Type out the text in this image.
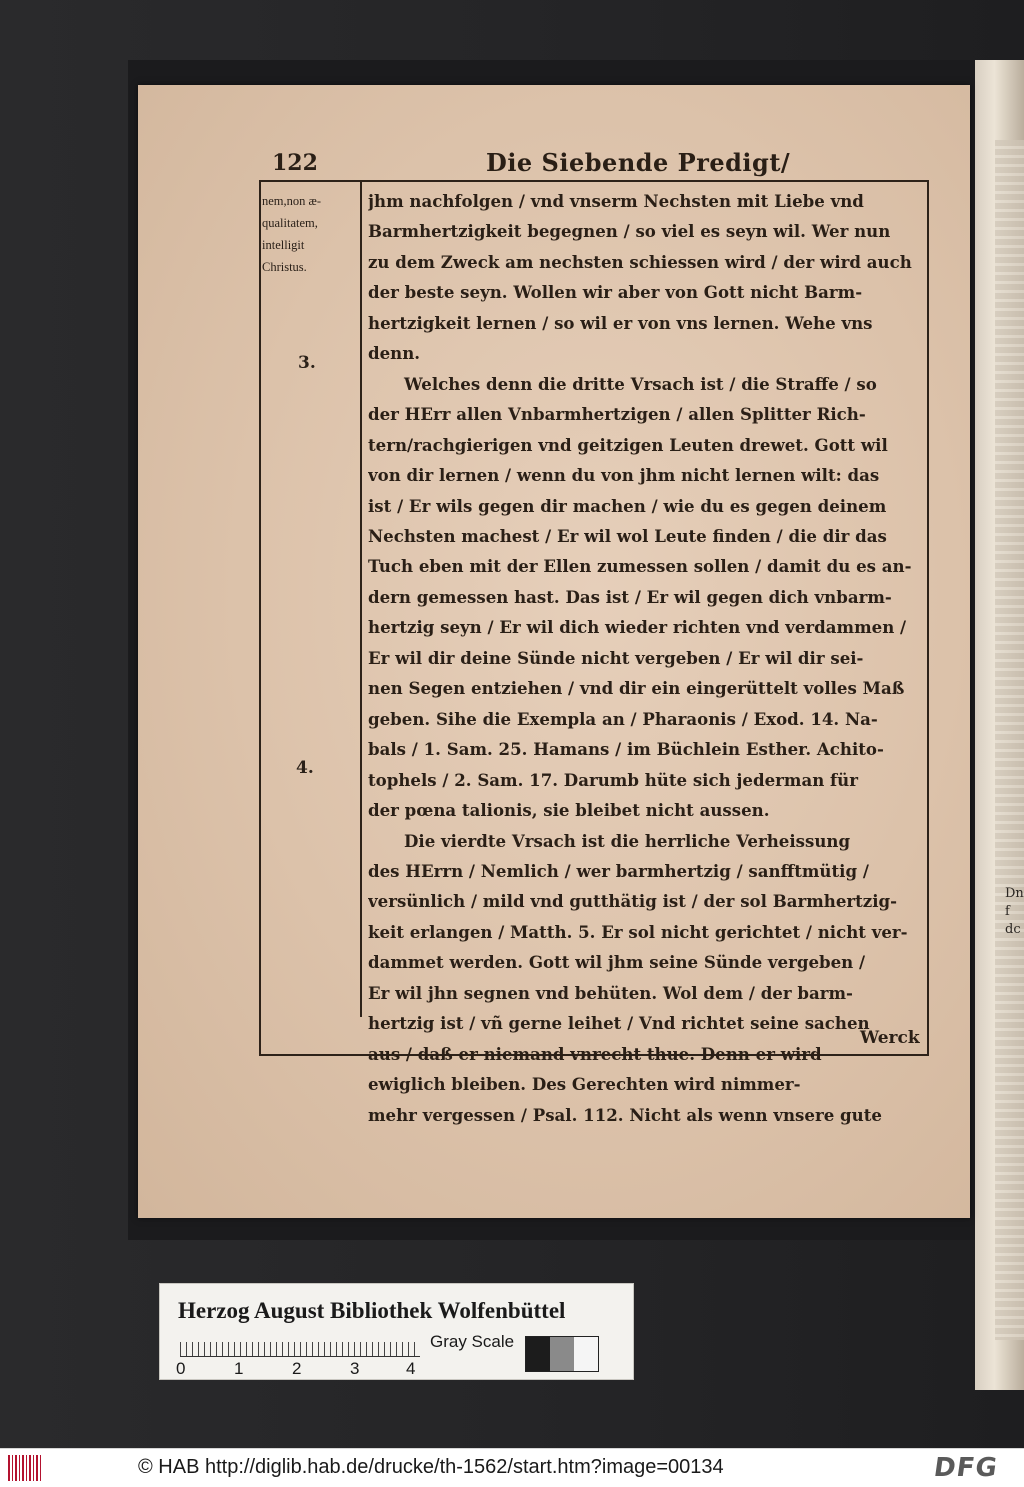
Dn
f
dc
122	Die Siebende Predigt/
nem,non æ-
qualitatem,
intelligit
Christus.
3.
4.
jhm nachfolgen / vnd vnserm Nechsten mit Liebe vnd
Barmhertzigkeit begegnen / so viel es seyn wil. Wer nun
zu dem Zweck am nechsten schiessen wird / der wird auch
der beste seyn. Wollen wir aber von Gott nicht Barm-
hertzigkeit lernen / so wil er von vns lernen. Wehe vns
denn.
Welches denn die dritte Vrsach ist / die Straffe / so
der HErr allen Vnbarmhertzigen / allen Splitter Rich-
tern/rachgierigen vnd geitzigen Leuten drewet. Gott wil
von dir lernen / wenn du von jhm nicht lernen wilt: das
ist / Er wils gegen dir machen / wie du es gegen deinem
Nechsten machest / Er wil wol Leute finden / die dir das
Tuch eben mit der Ellen zumessen sollen / damit du es an-
dern gemessen hast. Das ist / Er wil gegen dich vnbarm-
hertzig seyn / Er wil dich wieder richten vnd verdammen /
Er wil dir deine Sünde nicht vergeben / Er wil dir sei-
nen Segen entziehen / vnd dir ein eingerüttelt volles Maß
geben. Sihe die Exempla an / Pharaonis / Exod. 14. Na-
bals / 1. Sam. 25. Hamans / im Büchlein Esther. Achito-
tophels / 2. Sam. 17. Darumb hüte sich jederman für
der pœna talionis, sie bleibet nicht aussen.
Die vierdte Vrsach ist die herrliche Verheissung
des HErrn / Nemlich / wer barmhertzig / sanfftmütig /
versünlich / mild vnd gutthätig ist / der sol Barmhertzig-
keit erlangen / Matth. 5. Er sol nicht gerichtet / nicht ver-
dammet werden. Gott wil jhm seine Sünde vergeben /
Er wil jhn segnen vnd behüten. Wol dem / der barm-
hertzig ist / vñ gerne leihet / Vnd richtet seine sachen
aus / daß er niemand vnrecht thue. Denn er wird
ewiglich bleiben. Des Gerechten wird nimmer-
mehr vergessen / Psal. 112. Nicht als wenn vnsere gute
Werck
Herzog August Bibliothek Wolfenbüttel
0	1	2	3	4
Gray Scale
© HAB http://diglib.hab.de/drucke/th-1562/start.htm?image=00134	DFG
